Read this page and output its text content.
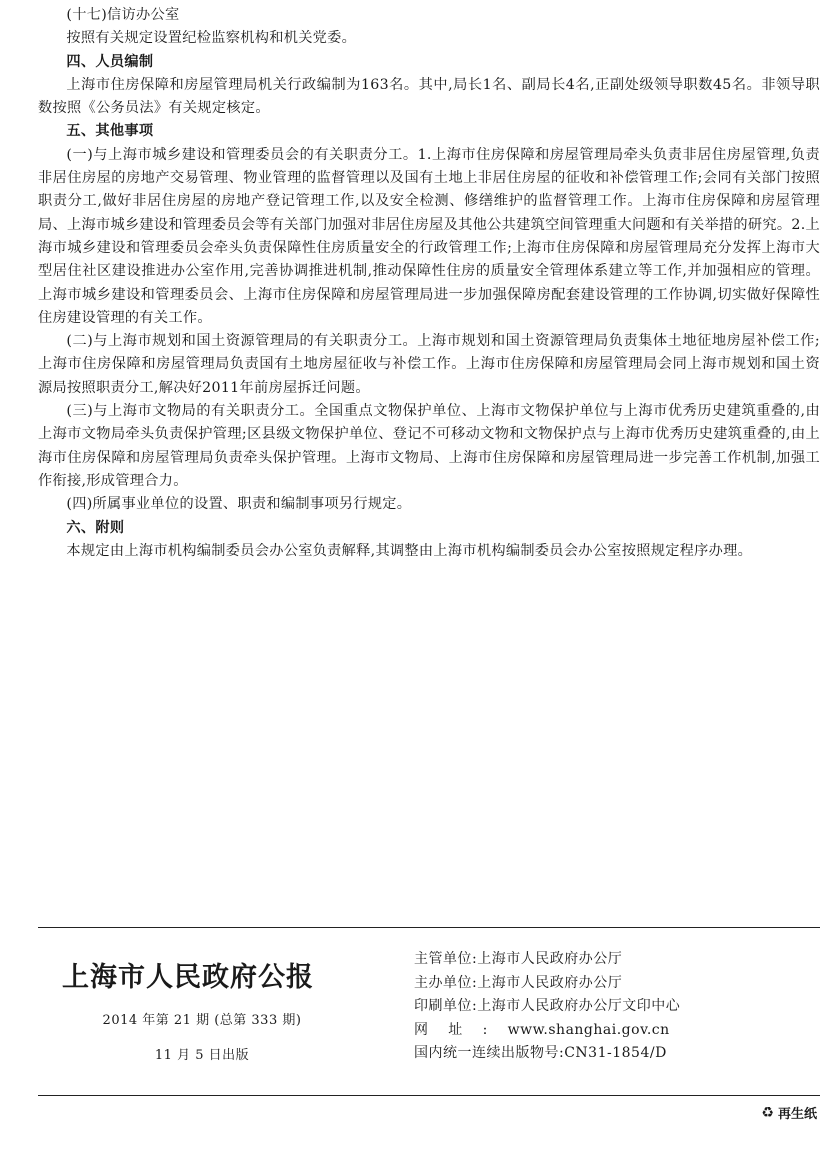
(十七)信访办公室

按照有关规定设置纪检监察机构和机关党委。

四、人员编制

上海市住房保障和房屋管理局机关行政编制为163名。其中,局长1名、副局长4名,正副处级领导职数45名。非领导职数按照《公务员法》有关规定核定。

五、其他事项

(一)与上海市城乡建设和管理委员会的有关职责分工。1.上海市住房保障和房屋管理局牵头负责非居住房屋管理,负责非居住房屋的房地产交易管理、物业管理的监督管理以及国有土地上非居住房屋的征收和补偿管理工作;会同有关部门按照职责分工,做好非居住房屋的房地产登记管理工作,以及安全检测、修缮维护的监督管理工作。上海市住房保障和房屋管理局、上海市城乡建设和管理委员会等有关部门加强对非居住房屋及其他公共建筑空间管理重大问题和有关举措的研究。2.上海市城乡建设和管理委员会牵头负责保障性住房质量安全的行政管理工作;上海市住房保障和房屋管理局充分发挥上海市大型居住社区建设推进办公室作用,完善协调推进机制,推动保障性住房的质量安全管理体系建立等工作,并加强相应的管理。上海市城乡建设和管理委员会、上海市住房保障和房屋管理局进一步加强保障房配套建设管理的工作协调,切实做好保障性住房建设管理的有关工作。

(二)与上海市规划和国土资源管理局的有关职责分工。上海市规划和国土资源管理局负责集体土地征地房屋补偿工作;上海市住房保障和房屋管理局负责国有土地房屋征收与补偿工作。上海市住房保障和房屋管理局会同上海市规划和国土资源局按照职责分工,解决好2011年前房屋拆迁问题。

(三)与上海市文物局的有关职责分工。全国重点文物保护单位、上海市文物保护单位与上海市优秀历史建筑重叠的,由上海市文物局牵头负责保护管理;区县级文物保护单位、登记不可移动文物和文物保护点与上海市优秀历史建筑重叠的,由上海市住房保障和房屋管理局负责牵头保护管理。上海市文物局、上海市住房保障和房屋管理局进一步完善工作机制,加强工作衔接,形成管理合力。

(四)所属事业单位的设置、职责和编制事项另行规定。

六、附则

本规定由上海市机构编制委员会办公室负责解释,其调整由上海市机构编制委员会办公室按照规定程序办理。

上海市人民政府公报
2014 年第 21 期 (总第 333 期)
11 月 5 日出版
主管单位:上海市人民政府办公厅
主办单位:上海市人民政府办公厅
印刷单位:上海市人民政府办公厅文印中心
网址:www.shanghai.gov.cn
国内统一连续出版物号:CN31-1854/D
♻ 再生纸
